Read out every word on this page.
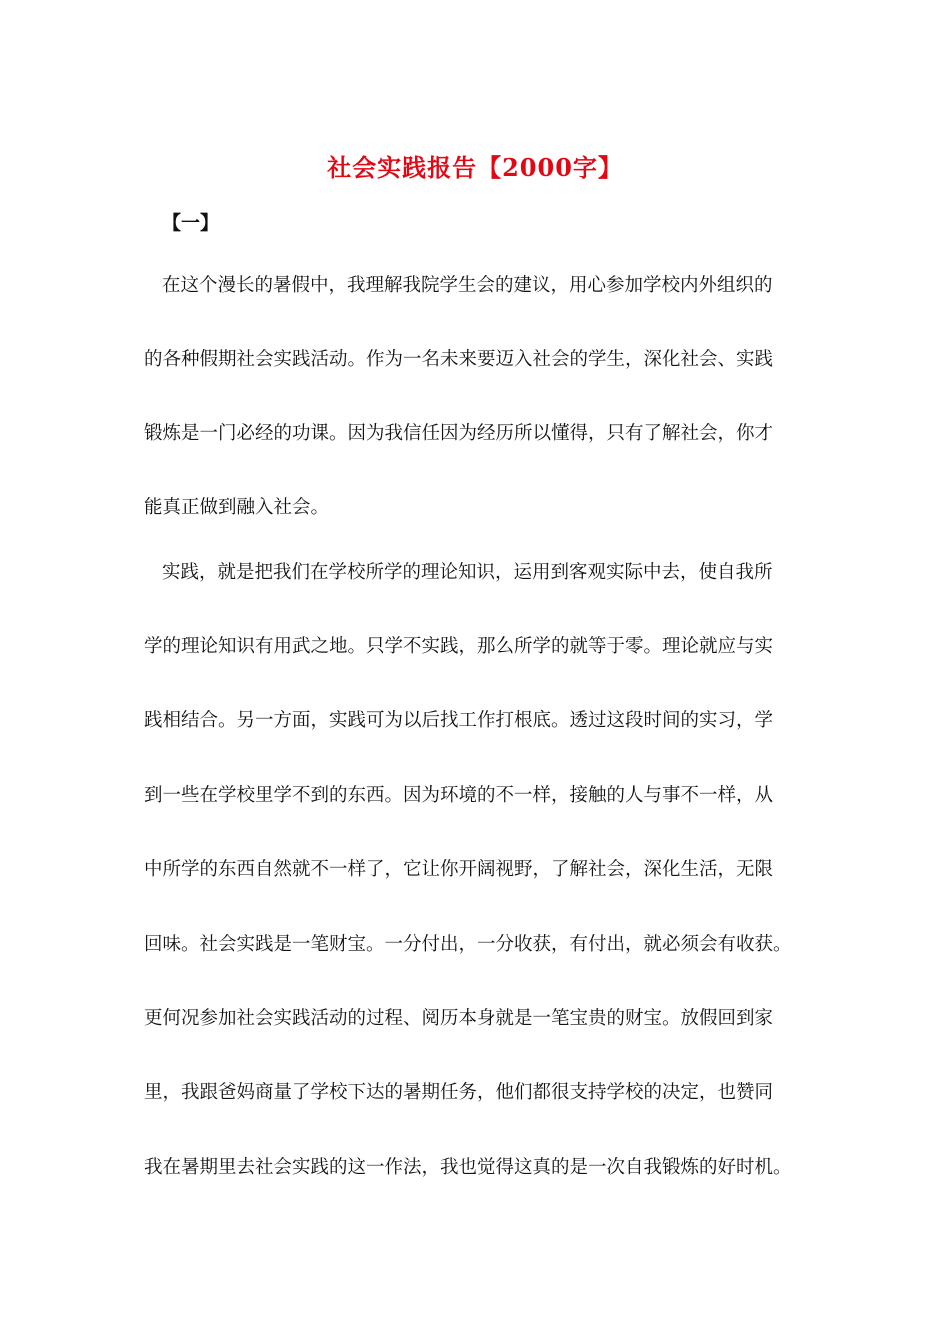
社会实践报告【2000字】
【一】
在这个漫长的暑假中，我理解我院学生会的建议，用心参加学校内外组织的
的各种假期社会实践活动。作为一名未来要迈入社会的学生，深化社会、实践
锻炼是一门必经的功课。因为我信任因为经历所以懂得，只有了解社会，你才
能真正做到融入社会。
实践，就是把我们在学校所学的理论知识，运用到客观实际中去，使自我所
学的理论知识有用武之地。只学不实践，那么所学的就等于零。理论就应与实
践相结合。另一方面，实践可为以后找工作打根底。透过这段时间的实习，学
到一些在学校里学不到的东西。因为环境的不一样，接触的人与事不一样，从
中所学的东西自然就不一样了，它让你开阔视野，了解社会，深化生活，无限
回味。社会实践是一笔财宝。一分付出，一分收获，有付出，就必须会有收获。
更何况参加社会实践活动的过程、阅历本身就是一笔宝贵的财宝。放假回到家
里，我跟爸妈商量了学校下达的暑期任务，他们都很支持学校的决定，也赞同
我在暑期里去社会实践的这一作法，我也觉得这真的是一次自我锻炼的好时机。
